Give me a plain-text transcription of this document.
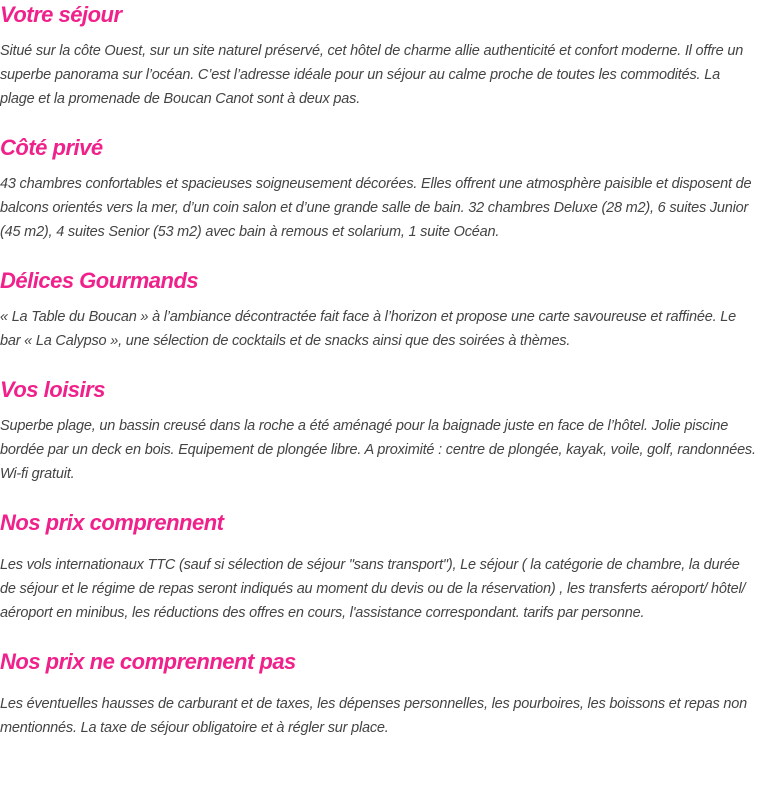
Votre séjour

Situé sur la côte Ouest, sur un site naturel préservé, cet hôtel de charme allie authenticité et confort moderne. Il offre un superbe panorama sur l’océan. C’est l’adresse idéale pour un séjour au calme proche de toutes les commodités. La plage et la promenade de Boucan Canot sont à deux pas.

Côté privé

43 chambres confortables et spacieuses soigneusement décorées. Elles offrent une atmosphère paisible et disposent de balcons orientés vers la mer, d’un coin salon et d’une grande salle de bain. 32 chambres Deluxe (28 m2), 6 suites Junior (45 m2), 4 suites Senior (53 m2) avec bain à remous et solarium, 1 suite Océan.

Délices Gourmands

« La Table du Boucan » à l’ambiance décontractée fait face à l’horizon et propose une carte savoureuse et raffinée. Le bar « La Calypso », une sélection de cocktails et de snacks ainsi que des soirées à thèmes.

Vos loisirs

Superbe plage, un bassin creusé dans la roche a été aménagé pour la baignade juste en face de l’hôtel. Jolie piscine bordée par un deck en bois. Equipement de plongée libre. A proximité : centre de plongée, kayak, voile, golf, randonnées. Wi-fi gratuit.

Nos prix comprennent

Les vols internationaux TTC (sauf si sélection de séjour "sans transport"), Le séjour ( la catégorie de chambre, la durée de séjour et le régime de repas seront indiqués au moment du devis ou de la réservation) , les transferts aéroport/ hôtel/ aéroport en minibus, les réductions des offres en cours, l'assistance correspondant. tarifs par personne.

Nos prix ne comprennent pas

Les éventuelles hausses de carburant et de taxes, les dépenses personnelles, les pourboires, les boissons et repas non mentionnés. La taxe de séjour obligatoire et à régler sur place.
